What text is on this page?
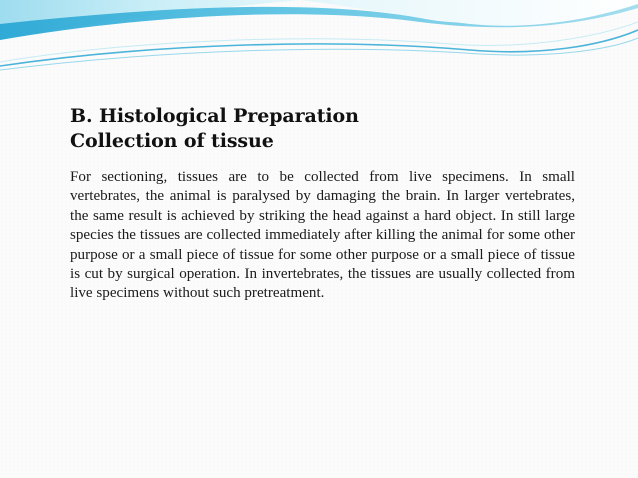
B. Histological Preparation

Collection of tissue

For sectioning, tissues are to be collected from live specimens. In small vertebrates, the animal is paralysed by damaging the brain. In larger vertebrates, the same result is achieved by striking the head against a hard object. In still large species the tissues are collected immediately after killing the animal for some other purpose or a small piece of tissue for some other purpose or a small piece of tissue is cut by surgical operation. In invertebrates, the tissues are usually collected from live specimens without such pretreatment.
